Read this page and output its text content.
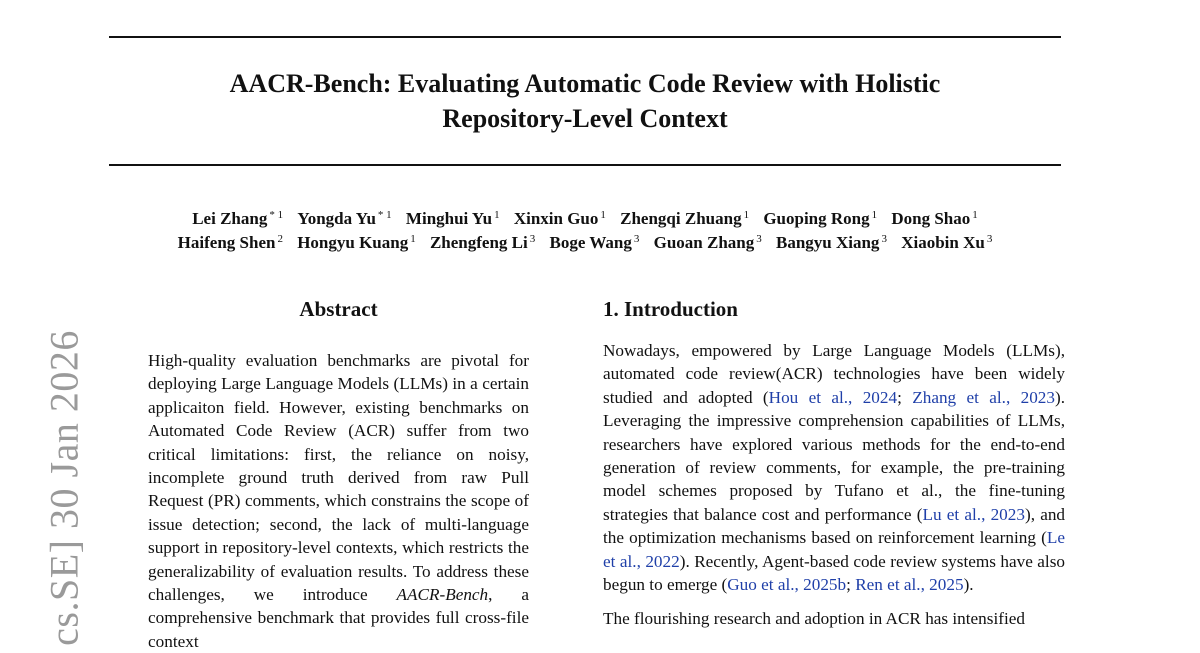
AACR-Bench: Evaluating Automatic Code Review with Holistic
Repository-Level Context
Lei Zhang $^{* 1}$ Yongda Yu $^{* 1}$ Minghui Yu $^1$ Xinxin Guo $^1$ Zhengqi Zhuang $^1$ Guoping Rong $^1$ Dong Shao $^1$
Haifeng Shen $^2$ Hongyu Kuang $^1$ Zhengfeng Li $^3$ Boge Wang $^3$ Guoan Zhang $^3$ Bangyu Xiang $^3$ Xiaobin Xu $^3$
cs.SE] 30 Jan 2026
Abstract
High-quality evaluation benchmarks are pivotal for deploying Large Language Models (LLMs) in a certain applicaiton field. However, existing benchmarks on Automated Code Review (ACR) suffer from two critical limitations: first, the reliance on noisy, incomplete ground truth derived from raw Pull Request (PR) comments, which constrains the scope of issue detection; second, the lack of multi-language support in repository-level contexts, which restricts the generalizability of evaluation results. To address these challenges, we introduce AACR-Bench, a comprehensive benchmark that provides full cross-file context
1. Introduction

Nowadays, empowered by Large Language Models (LLMs), automated code review(ACR) technologies have been widely studied and adopted (Hou et al., 2024; Zhang et al., 2023). Leveraging the impressive comprehension capabilities of LLMs, researchers have explored various methods for the end-to-end generation of review comments, for example, the pre-training model schemes proposed by Tufano et al., the fine-tuning strategies that balance cost and performance (Lu et al., 2023), and the optimization mechanisms based on reinforcement learning (Le et al., 2022). Recently, Agent-based code review systems have also begun to emerge (Guo et al., 2025b; Ren et al., 2025).

The flourishing research and adoption in ACR has intensified
